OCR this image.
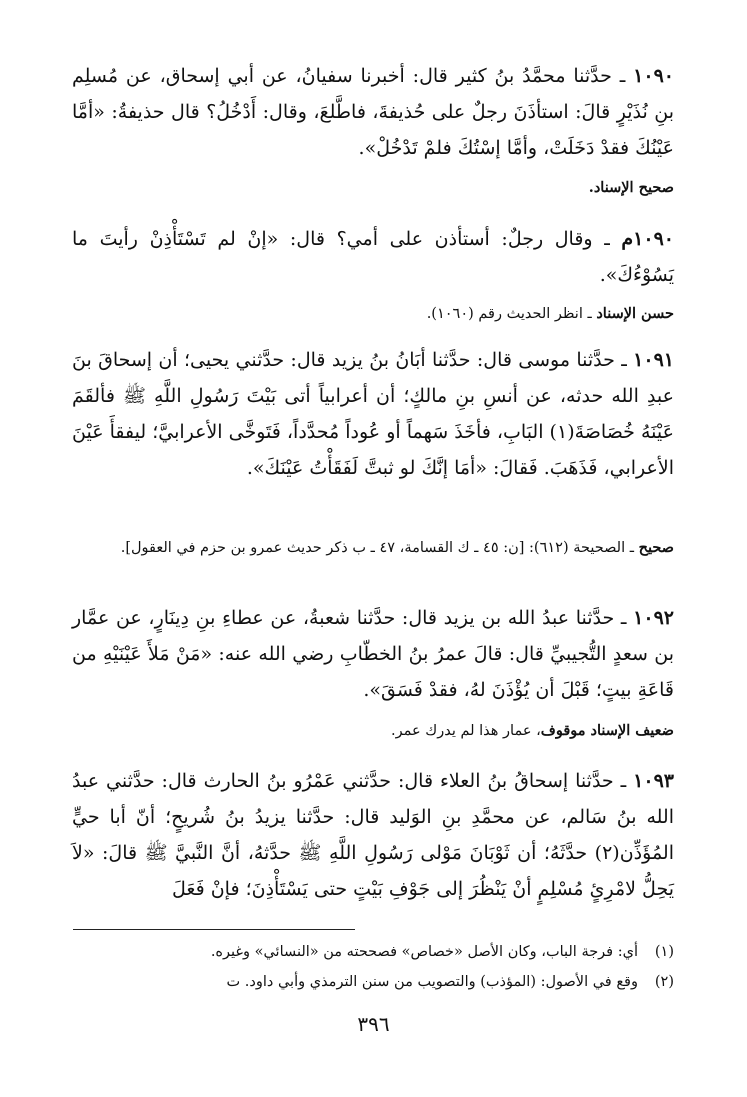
١٠٩٠ ـ حدَّثنا محمَّدُ بنُ كثير قال: أخبرنا سفيانُ، عن أبي إسحاق، عن مُسلِم بنِ نُذَيْرٍ قالَ: استأذَنَ رجلٌ على حُذيفةَ، فاطَّلعَ، وقال: أَدْخُلُ؟ قال حذيفةُ: «أمَّا عَيْنُكَ فقدْ دَخَلَتْ، وأمَّا إسْتُكَ فلمْ تَدْخُلْ».

صحيح الإسناد.

١٠٩٠م ـ وقال رجلٌ: أستأذن على أمي؟ قال: «إنْ لم تَسْتَأْذِنْ رأيتَ ما يَسُوْءُكَ».

حسن الإسناد ـ انظر الحديث رقم (١٠٦٠).

١٠٩١ ـ حدَّثنا موسى قال: حدَّثنا أبَانُ بنُ يزيد قال: حدَّثني يحيى؛ أن إسحاقَ بنَ عبدِ الله حدثه، عن أنسِ بنِ مالكٍ؛ أن أعرابياً أتى بَيْتَ رَسُولِ اللَّهِ ﷺ فألقَمَ عَيْنَهُ خُصَاصَةَ(١) البَابِ، فأخَذَ سَهماً أو عُوداً مُحدَّداً، فَتَوخَّى الأعرابيَّ؛ ليفقأَ عَيْنَ الأعرابي، فَذَهَبَ. فَقالَ: «أمَا إنَّكَ لو ثبتَّ لَفَقَأْتُ عَيْنَكَ».

صحيح ـ الصحيحة (٦١٢): [ن: ٤٥ ـ ك القسامة، ٤٧ ـ ب ذكر حديث عمرو بن حزم في العقول].

١٠٩٢ ـ حدَّثنا عبدُ الله بن يزيد قال: حدَّثنا شعبةُ، عن عطاءِ بنِ دِينَارٍ، عن عمَّار بن سعدٍ التُّجيبيِّ قال: قالَ عمرُ بنُ الخطّابِ رضي الله عنه: «مَنْ مَلأَ عَيْنَيْهِ من قَاعَةِ بيتٍ؛ قَبْلَ أن يُؤْذَنَ لهُ، فقدْ فَسَقَ».

ضعيف الإسناد موقوف، عمار هذا لم يدرك عمر.

١٠٩٣ ـ حدَّثنا إسحاقُ بنُ العلاء قال: حدَّثني عَمْرُو بنُ الحارث قال: حدَّثني عبدُ الله بنُ سَالم، عن محمَّدِ بنِ الوَليد قال: حدَّثنا يزيدُ بنُ شُريحٍ؛ أنّ أبا حيٍّ المُؤَذِّن(٢) حدَّثَهُ؛ أن ثَوْبَانَ مَوْلى رَسُولِ اللَّهِ ﷺ حدَّثهُ، أنَّ النَّبيَّ ﷺ قالَ: «لاَ يَحِلُّ لامْرِئٍ مُسْلِمٍ أنْ يَنْظُرَ إلى جَوْفِ بَيْتٍ حتى يَسْتَأْذِنَ؛ فإنْ فَعَلَ

(١)أي: فرجة الباب، وكان الأصل «خصاص» فصححته من «النسائي» وغيره.
(٢)وقع في الأصول: (المؤذب) والتصويب من سنن الترمذي وأبي داود. ت
٣٩٦
